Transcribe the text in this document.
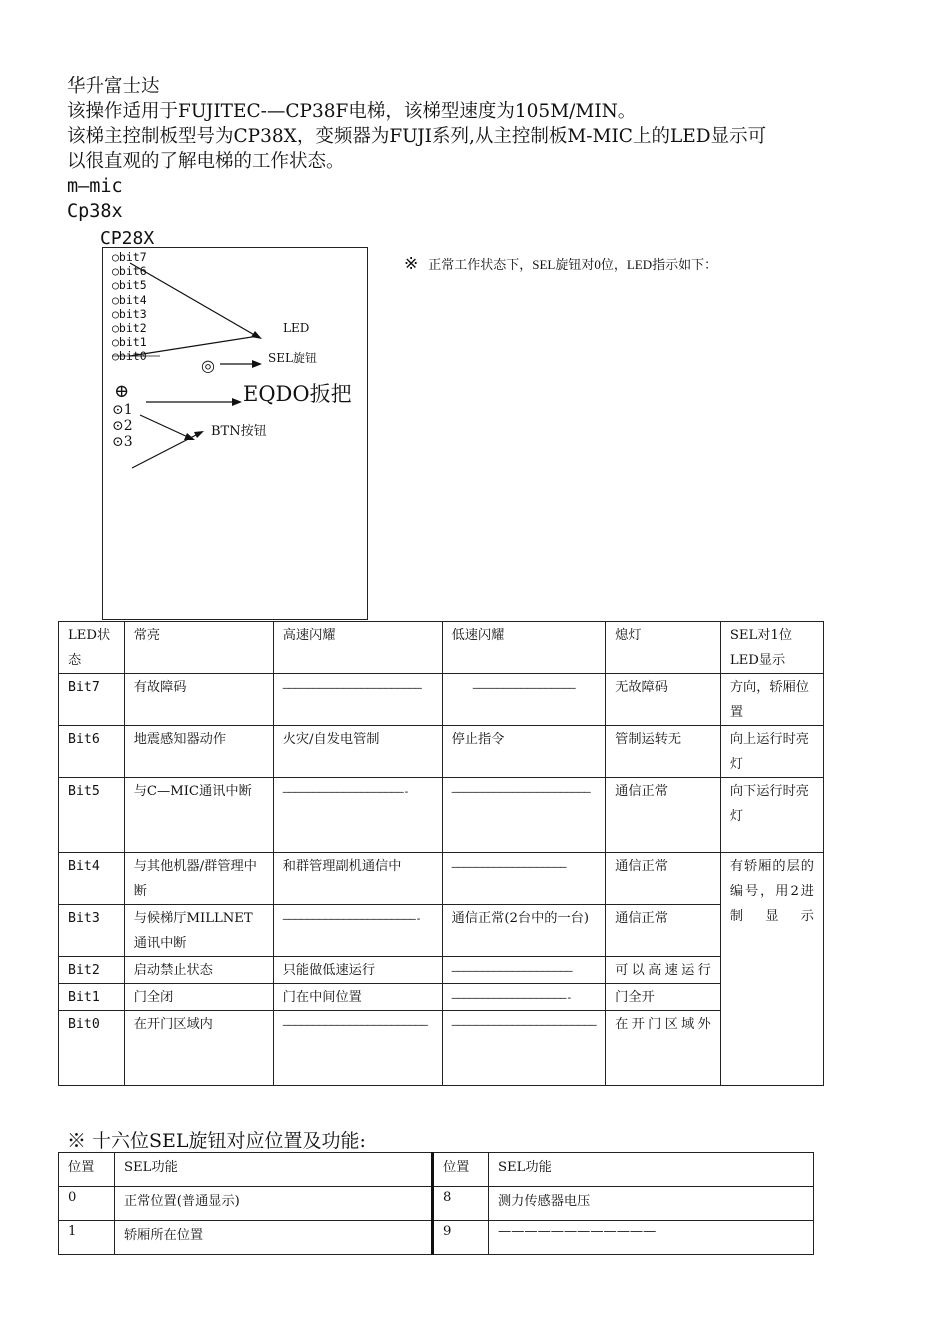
华升富士达
该操作适用于FUJITEC-—CP38F电梯，该梯型速度为105M/MIN。
该梯主控制板型号为CP38X，变频器为FUJI系列,从主控制板M-MIC上的LED显示可
以很直观的了解电梯的工作状态。
m—mic
Cp38x
CP28X
○bit7
○bit6
○bit5
○bit4
○bit3
○bit2
○bit1
○bit0
LED
◎	SEL旋钮
⊕	EQDO扳把
⊙1
⊙2
⊙3
BTN按钮
※ 正常工作状态下，SEL旋钮对0位，LED指示如下：
LED状态	常亮	高速闪耀	低速闪耀	熄灯	SEL对1位LED显示
Bit7	有故障码	———————————————————————	—————————————————	无故障码	方向，轿厢位置
Bit6	地震感知器动作	火灾/自发电管制	停止指令	管制运转无	向上运行时亮灯
Bit5	与C—MIC通讯中断	————————————————————-	———————————————————————	通信正常	向下运行时亮灯
Bit4	与其他机器/群管理中断	和群管理副机通信中	———————————————————	通信正常	有轿厢的层的编号，用2进制显示
Bit3	与候梯厅MILLNET通讯中断	——————————————————————-	通信正常(2台中的一台)	通信正常	
Bit2	启动禁止状态	只能做低速运行	————————————————————	可以高速运行	
Bit1	门全闭	门在中间位置	———————————————————-	门全开	
Bit0	在开门区域内	————————————————————————	————————————————————————	在开门区域外	
※ 十六位SEL旋钮对应位置及功能:
位置	SEL功能	位置	SEL功能
0	正常位置(普通显示)	8	测力传感器电压
1	轿厢所在位置	9	————————————
